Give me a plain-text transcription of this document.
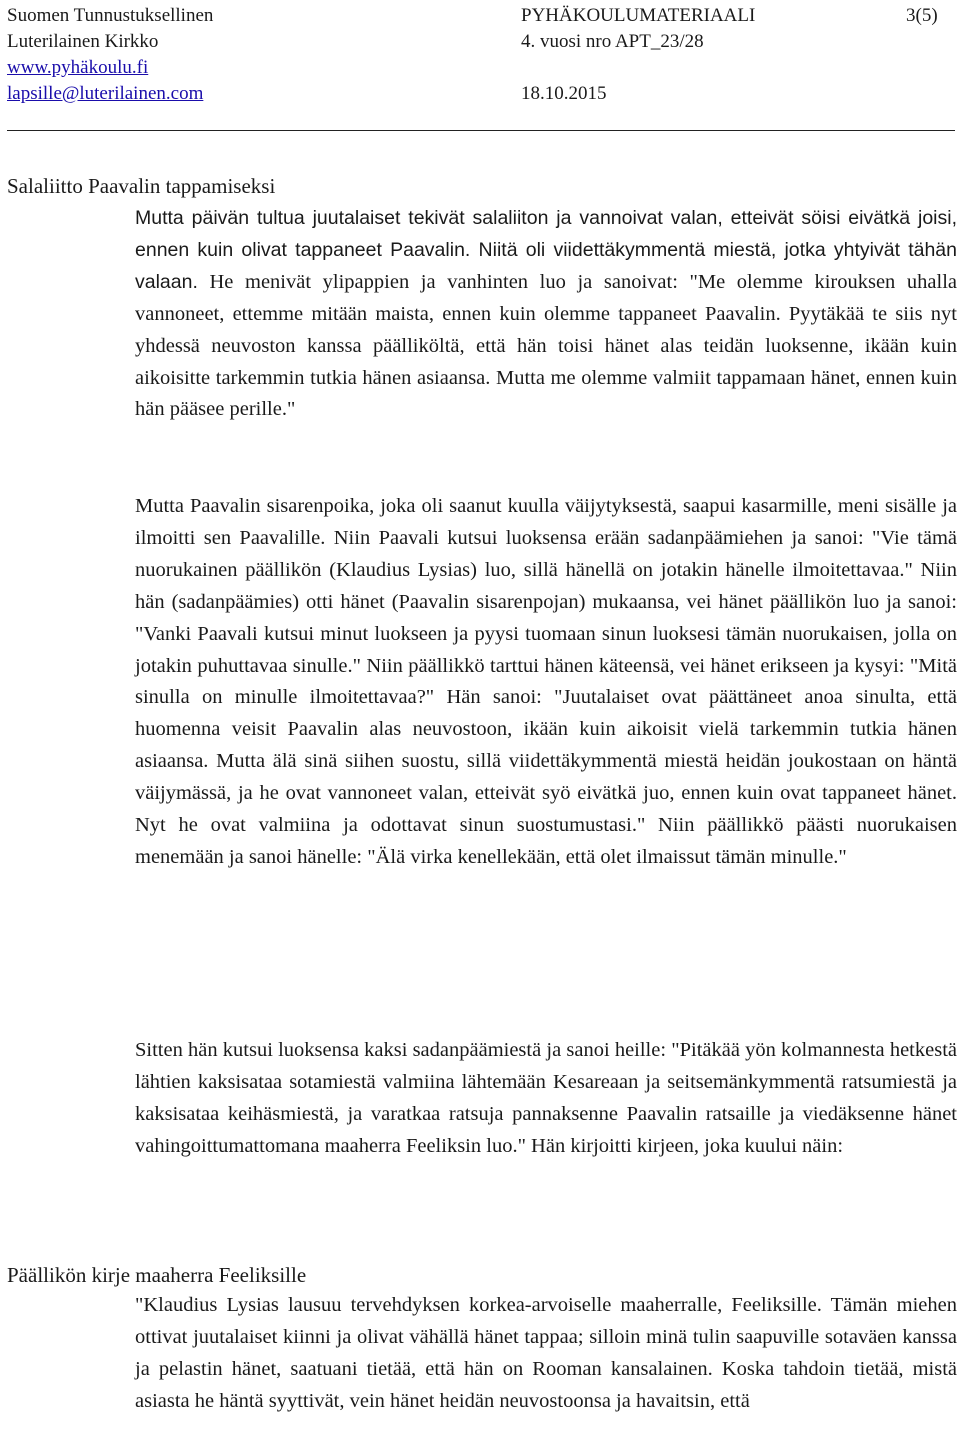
Suomen Tunnustuksellinen
Luterilainen Kirkko
www.pyhäkoulu.fi
lapsille@luterilainen.com
PYHÄKOULUMATERIAALI
4. vuosi nro APT_23/28
18.10.2015
3(5)
Salaliitto Paavalin tappamiseksi

Mutta päivän tultua juutalaiset tekivät salaliiton ja vannoivat valan, etteivät söisi eivätkä joisi, ennen kuin olivat tappaneet Paavalin. Niitä oli viidettäkymmentä miestä, jotka yhtyivät tähän valaan. He menivät ylipappien ja vanhinten luo ja sanoivat: "Me olemme kirouksen uhalla vannoneet, ettemme mitään maista, ennen kuin olemme tappaneet Paavalin. Pyytäkää te siis nyt yhdessä neuvoston kanssa päälliköltä, että hän toisi hänet alas teidän luoksenne, ikään kuin aikoisitte tarkemmin tutkia hänen asiaansa. Mutta me olemme valmiit tappamaan hänet, ennen kuin hän pääsee perille."

Mutta Paavalin sisarenpoika, joka oli saanut kuulla väijytyksestä, saapui kasarmille, meni sisälle ja ilmoitti sen Paavalille. Niin Paavali kutsui luoksensa erään sadanpäämiehen ja sanoi: "Vie tämä nuorukainen päällikön (Klaudius Lysias) luo, sillä hänellä on jotakin hänelle ilmoitettavaa." Niin hän (sadanpäämies) otti hänet (Paavalin sisarenpojan) mukaansa, vei hänet päällikön luo ja sanoi: "Vanki Paavali kutsui minut luokseen ja pyysi tuomaan sinun luoksesi tämän nuorukaisen, jolla on jotakin puhuttavaa sinulle." Niin päällikkö tarttui hänen käteensä, vei hänet erikseen ja kysyi: "Mitä sinulla on minulle ilmoitettavaa?" Hän sanoi: "Juutalaiset ovat päättäneet anoa sinulta, että huomenna veisit Paavalin alas neuvostoon, ikään kuin aikoisit vielä tarkemmin tutkia hänen asiaansa. Mutta älä sinä siihen suostu, sillä viidettäkymmentä miestä heidän joukostaan on häntä väijymässä, ja he ovat vannoneet valan, etteivät syö eivätkä juo, ennen kuin ovat tappaneet hänet. Nyt he ovat valmiina ja odottavat sinun suostumustasi." Niin päällikkö päästi nuorukaisen menemään ja sanoi hänelle: "Älä virka kenellekään, että olet ilmaissut tämän minulle."

Sitten hän kutsui luoksensa kaksi sadanpäämiestä ja sanoi heille: "Pitäkää yön kolmannesta hetkestä lähtien kaksisataa sotamiestä valmiina lähtemään Kesareaan ja seitsemänkymmentä ratsumiestä ja kaksisataa keihäsmiestä, ja varatkaa ratsuja pannaksenne Paavalin ratsaille ja viedäksenne hänet vahingoittumattomana maaherra Feeliksin luo." Hän kirjoitti kirjeen, joka kuului näin:

Päällikön kirje maaherra Feeliksille

"Klaudius Lysias lausuu tervehdyksen korkea-arvoiselle maaherralle, Feeliksille. Tämän miehen ottivat juutalaiset kiinni ja olivat vähällä hänet tappaa; silloin minä tulin saapuville sotaväen kanssa ja pelastin hänet, saatuani tietää, että hän on Rooman kansalainen. Koska tahdoin tietää, mistä asiasta he häntä syyttivät, vein hänet heidän neuvostoonsa ja havaitsin, että
